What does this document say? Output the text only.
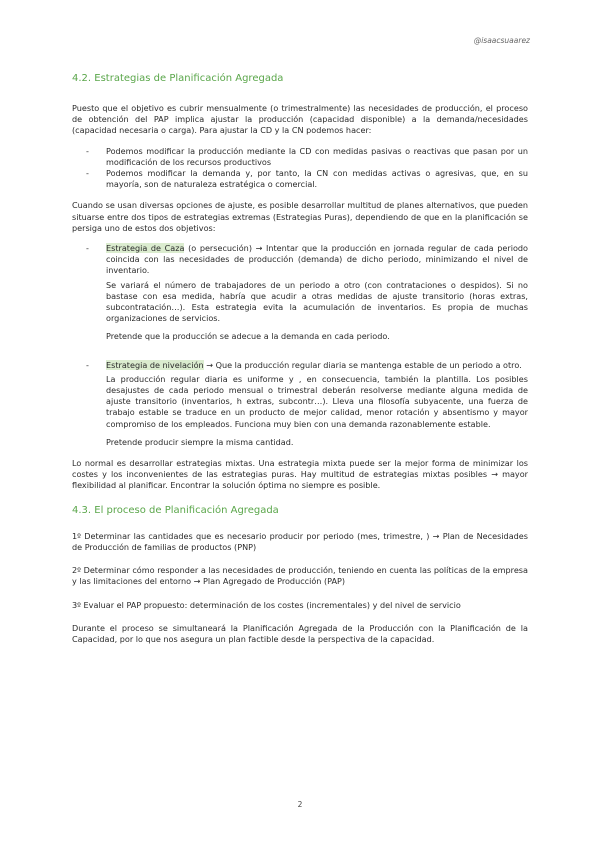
@isaacsuaarez
4.2. Estrategias de Planificación Agregada

Puesto que el objetivo es cubrir mensualmente (o trimestralmente) las necesidades de producción, el proceso de obtención del PAP implica ajustar la producción (capacidad disponible) a la demanda/necesidades (capacidad necesaria o carga). Para ajustar la CD y la CN podemos hacer:

- Podemos modificar la producción mediante la CD con medidas pasivas o reactivas que pasan por un modificación de los recursos productivos
- Podemos modificar la demanda y, por tanto, la CN con medidas activas o agresivas, que, en su mayoría, son de naturaleza estratégica o comercial.

Cuando se usan diversas opciones de ajuste, es posible desarrollar multitud de planes alternativos, que pueden situarse entre dos tipos de estrategias extremas (Estrategias Puras), dependiendo de que en la planificación se persiga uno de estos dos objetivos:

- Estrategia de Caza (o persecución) → Intentar que la producción en jornada regular de cada periodo coincida con las necesidades de producción (demanda) de dicho periodo, minimizando el nivel de inventario.
Se variará el número de trabajadores de un periodo a otro (con contrataciones o despidos). Si no bastase con esa medida, habría que acudir a otras medidas de ajuste transitorio (horas extras, subcontratación…). Esta estrategia evita la acumulación de inventarios. Es propia de muchas organizaciones de servicios.
Pretende que la producción se adecue a la demanda en cada periodo.
- Estrategia de nivelación → Que la producción regular diaria se mantenga estable de un periodo a otro.
La producción regular diaria es uniforme y , en consecuencia, también la plantilla. Los posibles desajustes de cada periodo mensual o trimestral deberán resolverse mediante alguna medida de ajuste transitorio (inventarios, h extras, subcontr…). Lleva una filosofía subyacente, una fuerza de trabajo estable se traduce en un producto de mejor calidad, menor rotación y absentismo y mayor compromiso de los empleados. Funciona muy bien con una demanda razonablemente estable.
Pretende producir siempre la misma cantidad.

Lo normal es desarrollar estrategias mixtas. Una estrategia mixta puede ser la mejor forma de minimizar los costes y los inconvenientes de las estrategias puras. Hay multitud de estrategias mixtas posibles → mayor flexibilidad al planificar. Encontrar la solución óptima no siempre es posible.

4.3. El proceso de Planificación Agregada

1º Determinar las cantidades que es necesario producir por periodo (mes, trimestre, ) → Plan de Necesidades de Producción de familias de productos (PNP)

2º Determinar cómo responder a las necesidades de producción, teniendo en cuenta las políticas de la empresa y las limitaciones del entorno → Plan Agregado de Producción (PAP)

3º Evaluar el PAP propuesto: determinación de los costes (incrementales) y del nivel de servicio

Durante el proceso se simultaneará la Planificación Agregada de la Producción con la Planificación de la Capacidad, por lo que nos asegura un plan factible desde la perspectiva de la capacidad.

2
